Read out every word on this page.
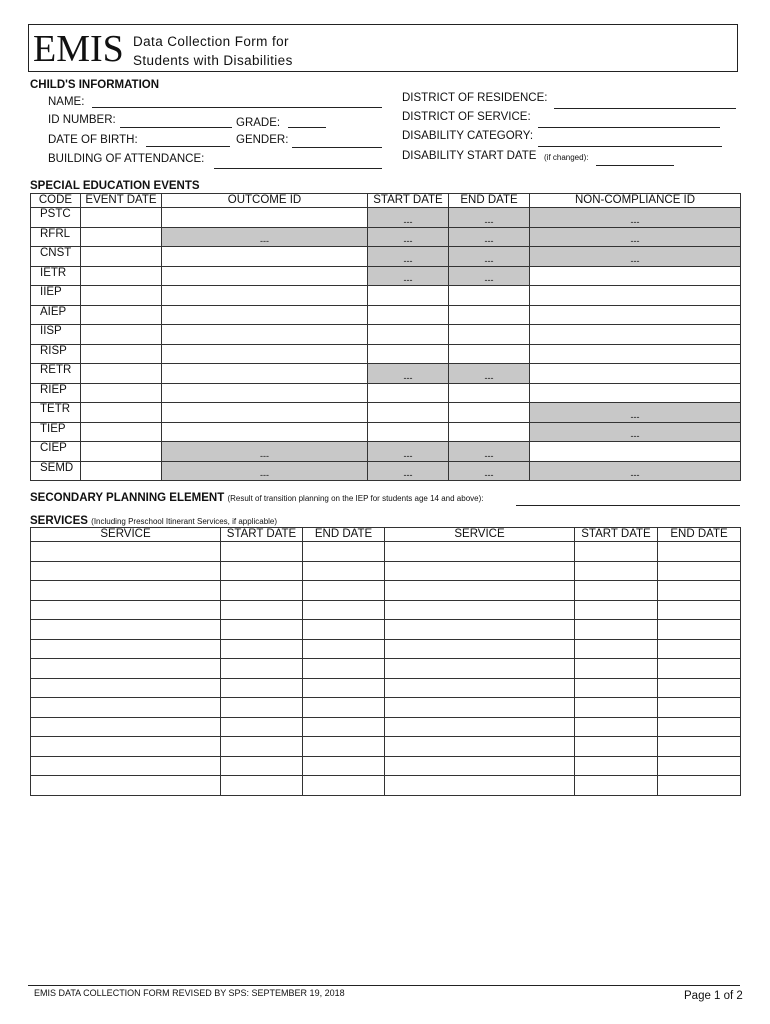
EMIS Data Collection Form for
Students with Disabilities
CHILD'S INFORMATION
NAME:
ID NUMBER:	GRADE:
DATE OF BIRTH:	GENDER:
BUILDING OF ATTENDANCE:
DISTRICT OF RESIDENCE:
DISTRICT OF SERVICE:
DISABILITY CATEGORY:
DISABILITY START DATE (if changed):
SPECIAL EDUCATION EVENTS
CODE	EVENT DATE	OUTCOME ID	START DATE	END DATE	NON-COMPLIANCE ID
PSTC			---	---	---
RFRL		---	---	---	---
CNST			---	---	---
IETR			---	---	
IIEP					
AIEP					
IISP					
RISP					
RETR			---	---	
RIEP					
TETR					---
TIEP					---
CIEP		---	---	---	
SEMD		---	---	---	---
SECONDARY PLANNING ELEMENT (Result of transition planning on the IEP for students age 14 and above):
SERVICES (Including Preschool Itinerant Services, if applicable)
SERVICE	START DATE	END DATE	SERVICE	START DATE	END DATE

EMIS DATA COLLECTION FORM REVISED BY SPS: SEPTEMBER 19, 2018	Page 1 of 2
